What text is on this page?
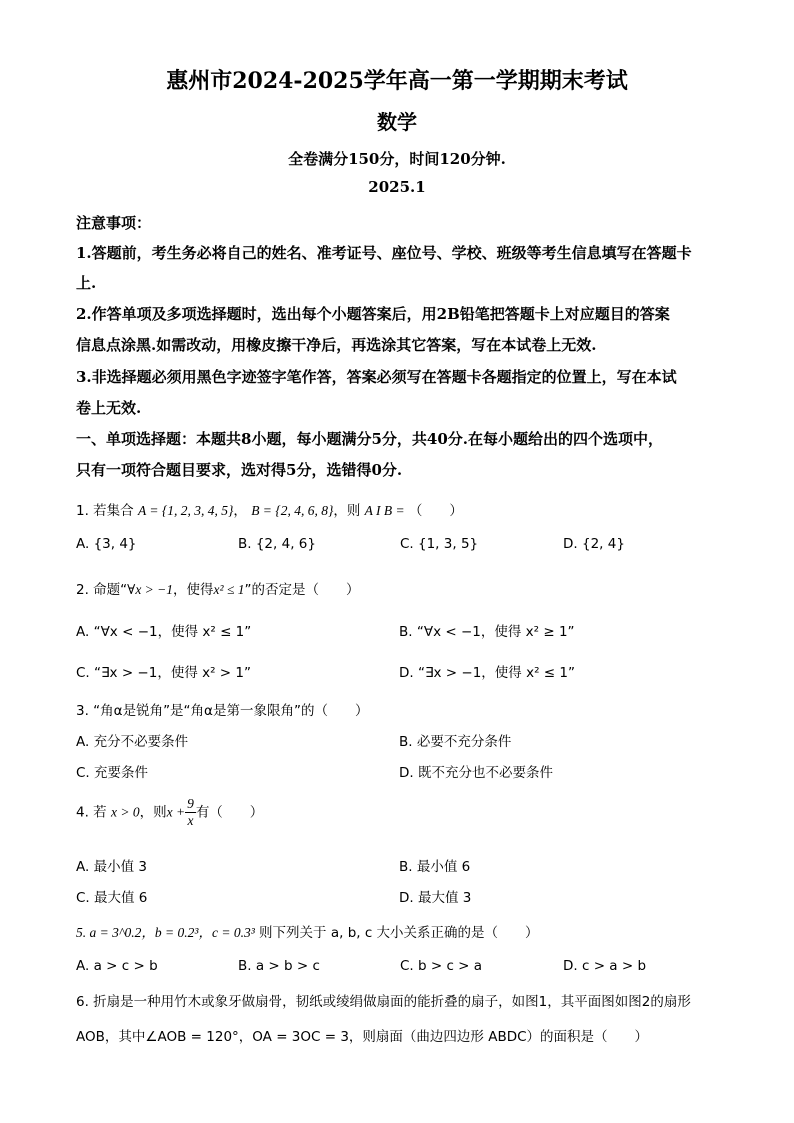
惠州市2024-2025学年高一第一学期期末考试
数学
全卷满分150分，时间120分钟.
2025.1
注意事项：
1.答题前，考生务必将自己的姓名、准考证号、座位号、学校、班级等考生信息填写在答题卡
上.
2.作答单项及多项选择题时，选出每个小题答案后，用2B铅笔把答题卡上对应题目的答案
信息点涂黑.如需改动，用橡皮擦干净后，再选涂其它答案，写在本试卷上无效.
3.非选择题必须用黑色字迹签字笔作答，答案必须写在答题卡各题指定的位置上，写在本试
卷上无效.
一、单项选择题：本题共8小题，每小题满分5分，共40分.在每小题给出的四个选项中，
只有一项符合题目要求，选对得5分，选错得0分.
1. 若集合 A = {1, 2, 3, 4, 5}， B = {2, 4, 6, 8}，则 A I B = （　　）
A. {3, 4}	B. {2, 4, 6}	C. {1, 3, 5}	D. {2, 4}
2. 命题“∀x > −1，使得x² ≤ 1”的否定是（　　）
A. “∀x < −1，使得 x² ≤ 1”	B. “∀x < −1，使得 x² ≥ 1”
C. “∃x > −1，使得 x² > 1”	D. “∃x > −1，使得 x² ≤ 1”
3. “角α是锐角”是“角α是第一象限角”的（　　）
A. 充分不必要条件	B. 必要不充分条件
C. 充要条件	D. 既不充分也不必要条件
4. 若 x > 0，则$x + \frac{9}{x}$ 有（　　）
A. 最小值 3	B. 最小值 6
C. 最大值 6	D. 最大值 3
5. a = 3^0.2，b = 0.2³，c = 0.3³ 则下列关于 a, b, c 大小关系正确的是（　　）
A. a > c > b	B. a > b > c	C. b > c > a	D. c > a > b
6. 折扇是一种用竹木或象牙做扇骨，韧纸或绫绢做扇面的能折叠的扇子，如图1，其平面图如图2的扇形
AOB，其中∠AOB = 120°，OA = 3OC = 3，则扇面（曲边四边形 ABDC）的面积是（　　）
